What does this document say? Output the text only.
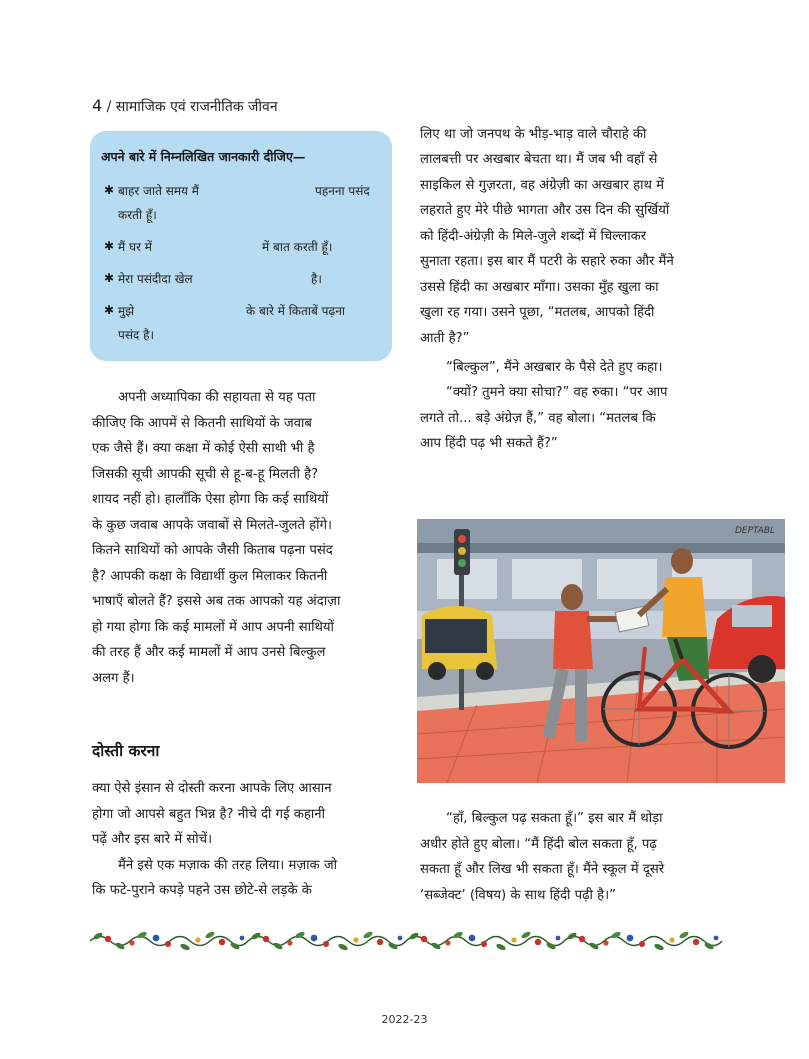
4 / सामाजिक एवं राजनीतिक जीवन
अपने बारे में निम्नलिखित जानकारी दीजिए—
✱ बाहर जाते समय मैं	पहनना पसंद
करती हूँ।
✱ मैं घर में	में बात करती हूँ।
✱ मेरा पसंदीदा खेल	है।
✱ मुझे	के बारे में किताबें पढ़ना
पसंद है।
अपनी अध्यापिका की सहायता से यह पता
कीजिए कि आपमें से कितनी साथियों के जवाब
एक जैसे हैं। क्या कक्षा में कोई ऐसी साथी भी है
जिसकी सूची आपकी सूची से हू-ब-हू मिलती है?
शायद नहीं हो। हालाँकि ऐसा होगा कि कई साथियों
के कुछ जवाब आपके जवाबों से मिलते-जुलते होंगे।
कितने साथियों को आपके जैसी किताब पढ़ना पसंद
है? आपकी कक्षा के विद्यार्थी कुल मिलाकर कितनी
भाषाएँ बोलते हैं? इससे अब तक आपको यह अंदाज़ा
हो गया होगा कि कई मामलों में आप अपनी साथियों
की तरह हैं और कई मामलों में आप उनसे बिल्कुल
अलग हैं।
दोस्ती करना
क्या ऐसे इंसान से दोस्ती करना आपके लिए आसान
होगा जो आपसे बहुत भिन्न है? नीचे दी गई कहानी
पढ़ें और इस बारे में सोचें।
मैंने इसे एक मज़ाक की तरह लिया। मज़ाक जो
कि फटे-पुराने कपड़े पहने उस छोटे-से लड़के के
लिए था जो जनपथ के भीड़-भाड़ वाले चौराहे की
लालबत्ती पर अखबार बेचता था। मैं जब भी वहाँ से
साइकिल से गुज़रता, वह अंग्रेज़ी का अखबार हाथ में
लहराते हुए मेरे पीछे भागता और उस दिन की सुर्खियों
को हिंदी-अंग्रेज़ी के मिले-जुले शब्दों में चिल्लाकर
सुनाता रहता। इस बार मैं पटरी के सहारे रुका और मैंने
उससे हिंदी का अखबार माँगा। उसका मुँह खुला का
खुला रह गया। उसने पूछा, “मतलब, आपको हिंदी
आती है?”
“बिल्कुल”, मैंने अखबार के पैसे देते हुए कहा।
“क्यों? तुमने क्या सोचा?” वह रुका। “पर आप
लगते तो... बड़े अंग्रेज़ हैं,” वह बोला। “मतलब कि
आप हिंदी पढ़ भी सकते हैं?”
DEPTABL
“हाँ, बिल्कुल पढ़ सकता हूँ।” इस बार मैं थोड़ा
अधीर होते हुए बोला। “मैं हिंदी बोल सकता हूँ, पढ़
सकता हूँ और लिख भी सकता हूँ। मैंने स्कूल में दूसरे
‘सब्जेक्ट’ (विषय) के साथ हिंदी पढ़ी है।”
2022-23
